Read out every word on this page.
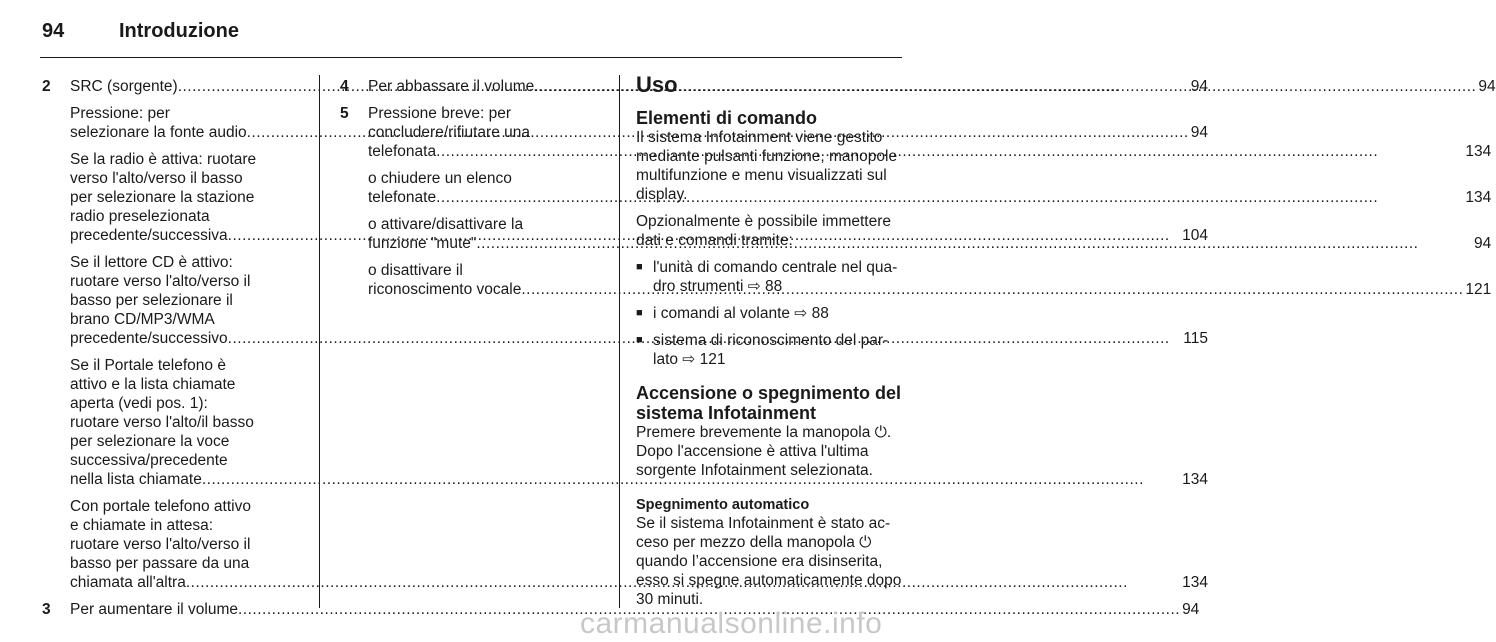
94	Introduzione
2	SRC (sorgente) .....	94
Pressione: per
selezionare la fonte audio .....	94
Se la radio è attiva: ruotare
verso l'alto/verso il basso
per selezionare la stazione
radio preselezionata
precedente/successiva .....	104
Se il lettore CD è attivo:
ruotare verso l'alto/verso il
basso per selezionare il
brano CD/MP3/WMA
precedente/successivo .....	115
Se il Portale telefono è
attivo e la lista chiamate
aperta (vedi pos. 1):
ruotare verso l'alto/il basso
per selezionare la voce
successiva/precedente
nella lista chiamate .....	134
Con portale telefono attivo
e chiamate in attesa:
ruotare verso l'alto/verso il
basso per passare da una
chiamata all'altra .....	134
3	Per aumentare il volume .....	94
4	Per abbassare il volume .....	94
5	Pressione breve: per
concludere/rifiutare una
telefonata .....	134
o chiudere un elenco
telefonate .....	134
o attivare/disattivare la
funzione "mute" .....	94
o disattivare il
riconoscimento vocale .....	121
Uso
Elementi di comando
Il sistema Infotainment viene gestito mediante pulsanti funzione, manopole multifunzione e menu visualizzati sul display.
Opzionalmente è possibile immettere dati e comandi tramite:
■ l'unità di comando centrale nel quadro strumenti ⇨ 88
■ i comandi al volante ⇨ 88
■ sistema di riconoscimento del parlato ⇨ 121
Accensione o spegnimento del sistema Infotainment
Premere brevemente la manopola ⏻. Dopo l'accensione è attiva l'ultima sorgente Infotainment selezionata.
Spegnimento automatico
Se il sistema Infotainment è stato acceso per mezzo della manopola ⏻ quando l’accensione era disinserita, esso si spegne automaticamente dopo 30 minuti.
carmanualsonline.info
